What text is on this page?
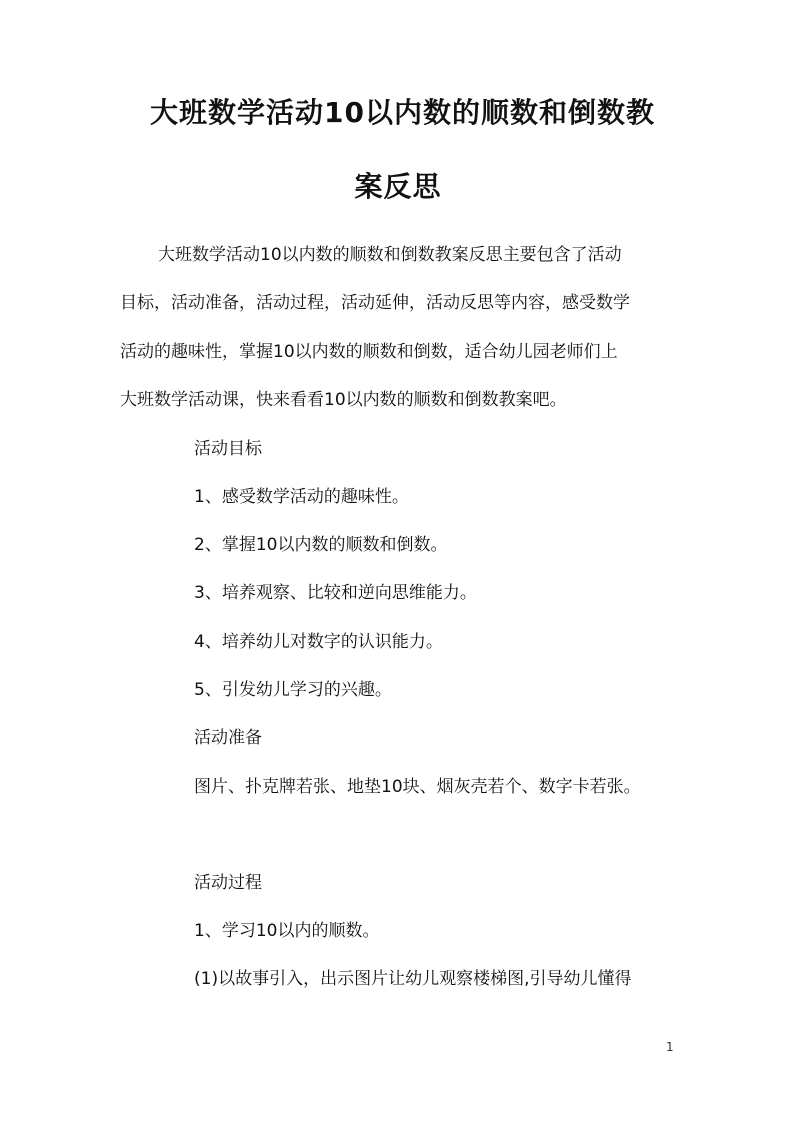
大班数学活动10以内数的顺数和倒数教
案反思
大班数学活动10以内数的顺数和倒数教案反思主要包含了活动
目标，活动准备，活动过程，活动延伸，活动反思等内容，感受数学
活动的趣味性，掌握10以内数的顺数和倒数，适合幼儿园老师们上
大班数学活动课，快来看看10以内数的顺数和倒数教案吧。
活动目标
1、感受数学活动的趣味性。
2、掌握10以内数的顺数和倒数。
3、培养观察、比较和逆向思维能力。
4、培养幼儿对数字的认识能力。
5、引发幼儿学习的兴趣。
活动准备
图片、扑克牌若张、地垫10块、烟灰壳若个、数字卡若张。
活动过程
1、学习10以内的顺数。
(1)以故事引入，出示图片让幼儿观察楼梯图,引导幼儿懂得
1
